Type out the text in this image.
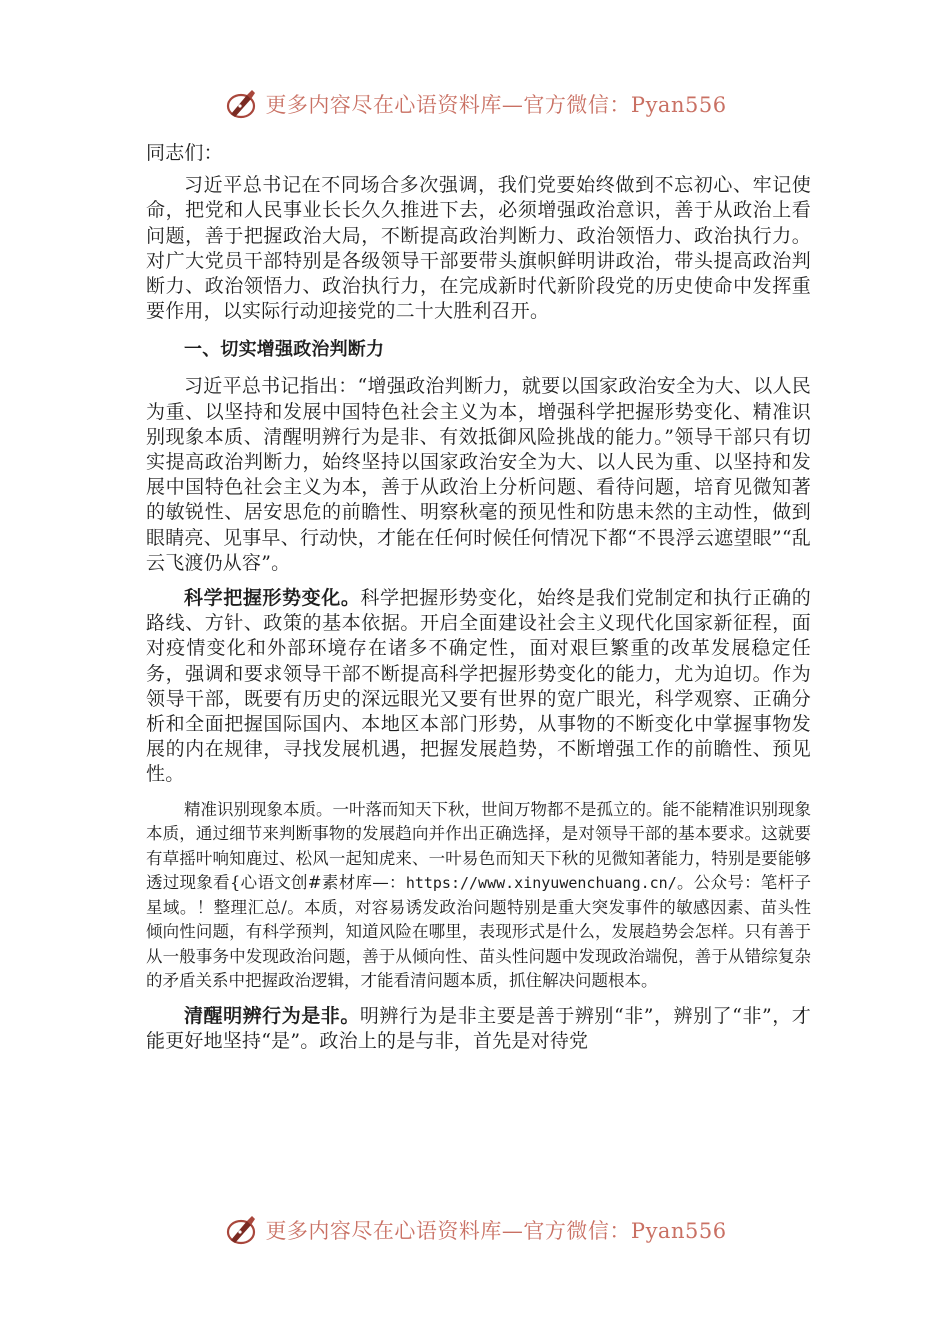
更多内容尽在心语资料库—官方微信：Pyan556

同志们：

习近平总书记在不同场合多次强调，我们党要始终做到不忘初心、牢记使命，把党和人民事业长长久久推进下去，必须增强政治意识，善于从政治上看问题，善于把握政治大局，不断提高政治判断力、政治领悟力、政治执行力。对广大党员干部特别是各级领导干部要带头旗帜鲜明讲政治，带头提高政治判断力、政治领悟力、政治执行力，在完成新时代新阶段党的历史使命中发挥重要作用，以实际行动迎接党的二十大胜利召开。

一、切实增强政治判断力

习近平总书记指出：“增强政治判断力，就要以国家政治安全为大、以人民为重、以坚持和发展中国特色社会主义为本，增强科学把握形势变化、精准识别现象本质、清醒明辨行为是非、有效抵御风险挑战的能力。”领导干部只有切实提高政治判断力，始终坚持以国家政治安全为大、以人民为重、以坚持和发展中国特色社会主义为本，善于从政治上分析问题、看待问题，培育见微知著的敏锐性、居安思危的前瞻性、明察秋毫的预见性和防患未然的主动性，做到眼睛亮、见事早、行动快，才能在任何时候任何情况下都“不畏浮云遮望眼”“乱云飞渡仍从容”。

科学把握形势变化。科学把握形势变化，始终是我们党制定和执行正确的路线、方针、政策的基本依据。开启全面建设社会主义现代化国家新征程，面对疫情变化和外部环境存在诸多不确定性，面对艰巨繁重的改革发展稳定任务，强调和要求领导干部不断提高科学把握形势变化的能力，尤为迫切。作为领导干部，既要有历史的深远眼光又要有世界的宽广眼光，科学观察、正确分析和全面把握国际国内、本地区本部门形势，从事物的不断变化中掌握事物发展的内在规律，寻找发展机遇，把握发展趋势，不断增强工作的前瞻性、预见性。

精准识别现象本质。一叶落而知天下秋，世间万物都不是孤立的。能不能精准识别现象本质，通过细节来判断事物的发展趋向并作出正确选择，是对领导干部的基本要求。这就要有草摇叶响知鹿过、松风一起知虎来、一叶易色而知天下秋的见微知著能力，特别是要能够透过现象看{心语文创#素材库—：https://www.xinyuwenchuang.cn/。公众号：笔杆子星域。！整理汇总/。本质，对容易诱发政治问题特别是重大突发事件的敏感因素、苗头性倾向性问题，有科学预判，知道风险在哪里，表现形式是什么，发展趋势会怎样。只有善于从一般事务中发现政治问题，善于从倾向性、苗头性问题中发现政治端倪，善于从错综复杂的矛盾关系中把握政治逻辑，才能看清问题本质，抓住解决问题根本。

清醒明辨行为是非。明辨行为是非主要是善于辨别“非”，辨别了“非”，才能更好地坚持“是”。政治上的是与非，首先是对待党

更多内容尽在心语资料库—官方微信：Pyan556
